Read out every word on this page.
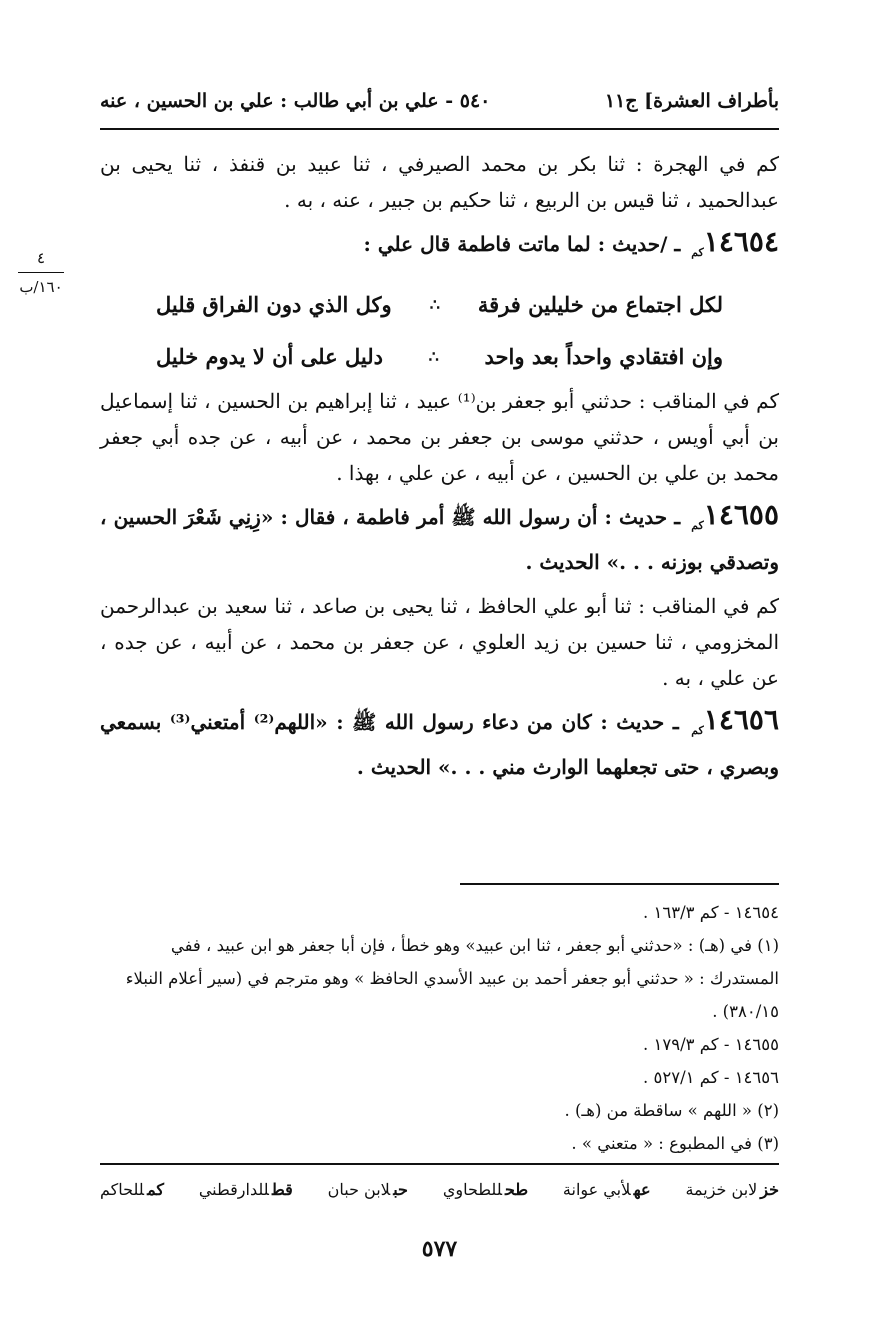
بأطراف العشرة] ج١١
٥٤٠ - علي بن أبي طالب : علي بن الحسين ، عنه
٤
١٦٠/ب

كم في الهجرة : ثنا بكر بن محمد الصيرفي ، ثنا عبيد بن قنفذ ، ثنا يحيى بن عبدالحميد ، ثنا قيس بن الربيع ، ثنا حكيم بن جبير ، عنه ، به .

$١٤٦٥٤_{كم}$ ـ /حديث : لما ماتت فاطمة قال علي :

لكل اجتماع من خليلين فرقة
∴
وكل الذي دون الفراق قليل
وإن افتقادي واحداً بعد واحد
∴
دليل على أن لا يدوم خليل

كم في المناقب : حدثني أبو جعفر بن⁽¹⁾ عبيد ، ثنا إبراهيم بن الحسين ، ثنا إسماعيل بن أبي أويس ، حدثني موسى بن جعفر بن محمد ، عن أبيه ، عن جده أبي جعفر محمد بن علي بن الحسين ، عن أبيه ، عن علي ، بهذا .

$١٤٦٥٥_{كم}$ ـ حديث : أن رسول الله ﷺ أمر فاطمة ، فقال : «زِنِي شَعْرَ الحسين ، وتصدقي بوزنه . . .» الحديث .

كم في المناقب : ثنا أبو علي الحافظ ، ثنا يحيى بن صاعد ، ثنا سعيد بن عبدالرحمن المخزومي ، ثنا حسين بن زيد العلوي ، عن جعفر بن محمد ، عن أبيه ، عن جده ، عن علي ، به .

$١٤٦٥٦_{كم}$ ـ حديث : كان من دعاء رسول الله ﷺ : «اللهم⁽²⁾ أمتعني⁽³⁾ بسمعي وبصري ، حتى تجعلهما الوارث مني . . .» الحديث .

١٤٦٥٤ - كم ١٦٣/٣ .

(١) في (هـ) : «حدثني أبو جعفر ، ثنا ابن عبيد» وهو خطأ ، فإن أبا جعفر هو ابن عبيد ، ففي المستدرك : « حدثني أبو جعفر أحمد بن عبيد الأسدي الحافظ » وهو مترجم في (سير أعلام النبلاء ٣٨٠/١٥) .

١٤٦٥٥ - كم ١٧٩/٣ .

١٤٦٥٦ - كم ٥٢٧/١ .

(٢) « اللهم » ساقطة من (هـ) .

(٣) في المطبوع : « متعني » .

خزلابن خزيمة
عهلأبي عوانة
طحللطحاوي
حبلابن حبان
قطللدارقطني
كمللحاكم
٥٧٧
